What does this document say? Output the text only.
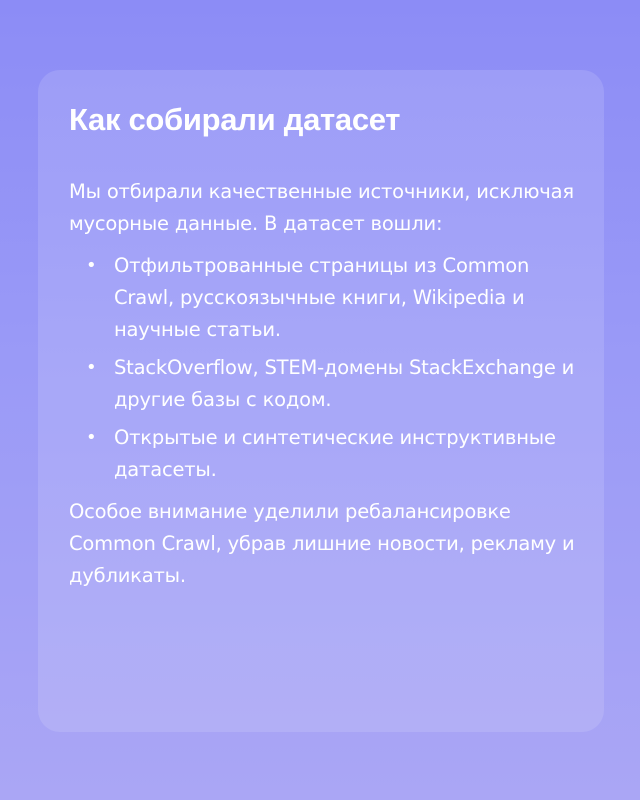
Как собирали датасет

Мы отбирали качественные источники, исключая мусорные данные. В датасет вошли:

• Отфильтрованные страницы из Common Crawl, русскоязычные книги, Wikipedia и научные статьи.
• StackOverflow, STEM-домены StackExchange и другие базы с кодом.
• Открытые и синтетические инструктивные датасеты.

Особое внимание уделили ребалансировке Common Crawl, убрав лишние новости, рекламу и дубликаты.
